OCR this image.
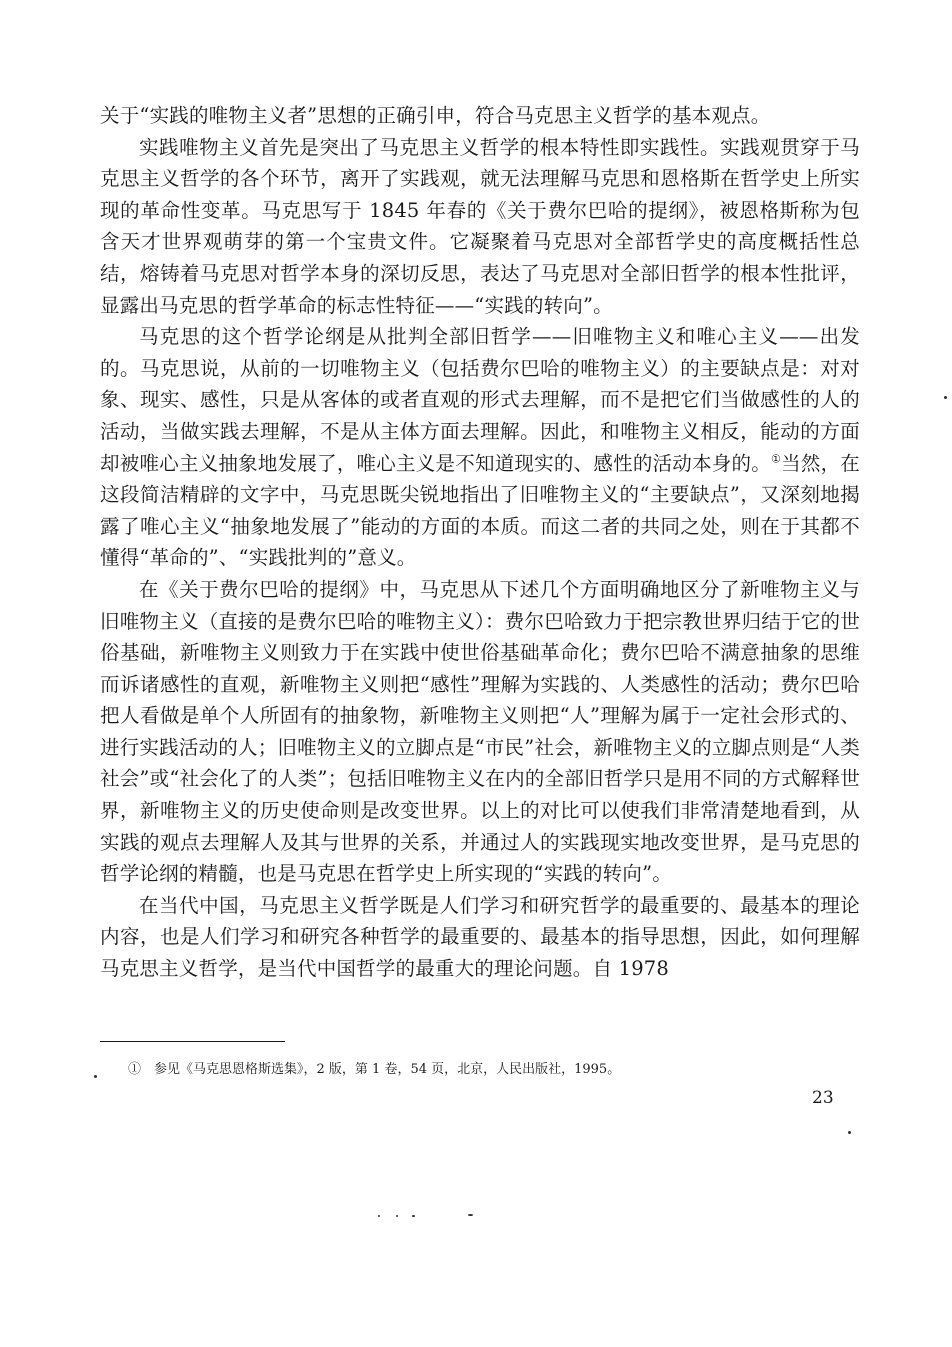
关于“实践的唯物主义者”思想的正确引申，符合马克思主义哲学的基本观点。

实践唯物主义首先是突出了马克思主义哲学的根本特性即实践性。实践观贯穿于马克思主义哲学的各个环节，离开了实践观，就无法理解马克思和恩格斯在哲学史上所实现的革命性变革。马克思写于 1845 年春的《关于费尔巴哈的提纲》，被恩格斯称为包含天才世界观萌芽的第一个宝贵文件。它凝聚着马克思对全部哲学史的高度概括性总结，熔铸着马克思对哲学本身的深切反思，表达了马克思对全部旧哲学的根本性批评，显露出马克思的哲学革命的标志性特征——“实践的转向”。

马克思的这个哲学论纲是从批判全部旧哲学——旧唯物主义和唯心主义——出发的。马克思说，从前的一切唯物主义（包括费尔巴哈的唯物主义）的主要缺点是：对对象、现实、感性，只是从客体的或者直观的形式去理解，而不是把它们当做感性的人的活动，当做实践去理解，不是从主体方面去理解。因此，和唯物主义相反，能动的方面却被唯心主义抽象地发展了，唯心主义是不知道现实的、感性的活动本身的。①当然，在这段简洁精辟的文字中，马克思既尖锐地指出了旧唯物主义的“主要缺点”，又深刻地揭露了唯心主义“抽象地发展了”能动的方面的本质。而这二者的共同之处，则在于其都不懂得“革命的”、“实践批判的”意义。

在《关于费尔巴哈的提纲》中，马克思从下述几个方面明确地区分了新唯物主义与旧唯物主义（直接的是费尔巴哈的唯物主义）：费尔巴哈致力于把宗教世界归结于它的世俗基础，新唯物主义则致力于在实践中使世俗基础革命化；费尔巴哈不满意抽象的思维而诉诸感性的直观，新唯物主义则把“感性”理解为实践的、人类感性的活动；费尔巴哈把人看做是单个人所固有的抽象物，新唯物主义则把“人”理解为属于一定社会形式的、进行实践活动的人；旧唯物主义的立脚点是“市民”社会，新唯物主义的立脚点则是“人类社会”或“社会化了的人类”；包括旧唯物主义在内的全部旧哲学只是用不同的方式解释世界，新唯物主义的历史使命则是改变世界。以上的对比可以使我们非常清楚地看到，从实践的观点去理解人及其与世界的关系，并通过人的实践现实地改变世界，是马克思的哲学论纲的精髓，也是马克思在哲学史上所实现的“实践的转向”。

在当代中国，马克思主义哲学既是人们学习和研究哲学的最重要的、最基本的理论内容，也是人们学习和研究各种哲学的最重要的、最基本的指导思想，因此，如何理解马克思主义哲学，是当代中国哲学的最重大的理论问题。自 1978

①　参见《马克思恩格斯选集》，2 版，第 1 卷，54 页，北京，人民出版社，1995。
23
